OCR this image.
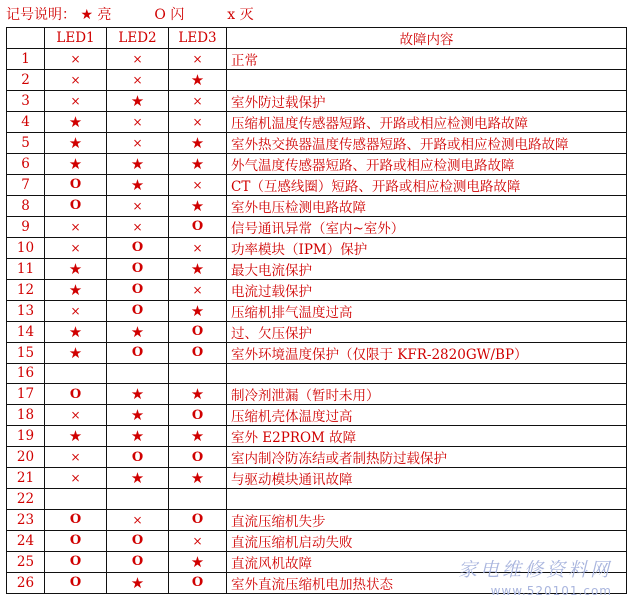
记号说明： ★ 亮	O 闪	x 灭
	LED1	LED2	LED3	故障内容
1	×	×	×	正常
2	×	×	★	
3	×	★	×	室外防过载保护
4	★	×	×	压缩机温度传感器短路、开路或相应检测电路故障
5	★	×	★	室外热交换器温度传感器短路、开路或相应检测电路故障
6	★	★	★	外气温度传感器短路、开路或相应检测电路故障
7	O	★	×	CT（互感线圈）短路、开路或相应检测电路故障
8	O	×	★	室外电压检测电路故障
9	×	×	O	信号通讯异常（室内~室外）
10	×	O	×	功率模块（IPM）保护
11	★	O	★	最大电流保护
12	★	O	×	电流过载保护
13	×	O	★	压缩机排气温度过高
14	★	★	O	过、欠压保护
15	★	O	O	室外环境温度保护（仅限于 KFR-2820GW/BP）
16				
17	O	★	★	制冷剂泄漏（暂时未用）
18	×	★	O	压缩机壳体温度过高
19	★	★	★	室外 E2PROM 故障
20	×	O	O	室内制冷防冻结或者制热防过载保护
21	×	★	★	与驱动模块通讯故障
22				
23	O	×	O	直流压缩机失步
24	O	O	×	直流压缩机启动失败
25	O	O	★	直流风机故障
26	O	★	O	室外直流压缩机电加热状态
家电维修资料网
www.520101.com
